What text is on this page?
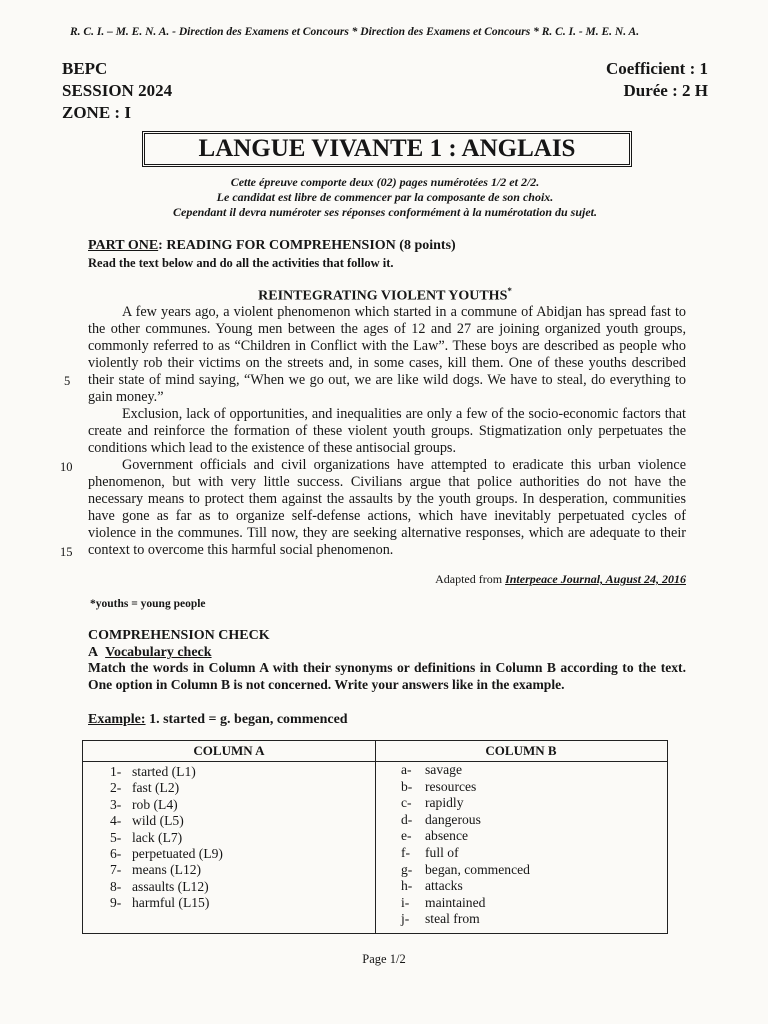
R. C. I. – M. E. N. A. - Direction des Examens et Concours * Direction des Examens et Concours * R. C. I. - M. E. N. A.
BEPC
SESSION 2024
ZONE : I
Coefficient : 1
Durée : 2 H
LANGUE VIVANTE 1 : ANGLAIS
Cette épreuve comporte deux (02) pages numérotées 1/2 et 2/2.
Le candidat est libre de commencer par la composante de son choix.
Cependant il devra numéroter ses réponses conformément à la numérotation du sujet.
PART ONE: READING FOR COMPREHENSION (8 points)
Read the text below and do all the activities that follow it.
REINTEGRATING VIOLENT YOUTHS*

A few years ago, a violent phenomenon which started in a commune of Abidjan has spread fast to the other communes. Young men between the ages of 12 and 27 are joining organized youth groups, commonly referred to as “Children in Conflict with the Law”. These boys are described as people who violently rob their victims on the streets and, in some cases, kill them. One of these youths described their state of mind saying, “When we go out, we are like wild dogs. We have to steal, do everything to gain money.”

Exclusion, lack of opportunities, and inequalities are only a few of the socio-economic factors that create and reinforce the formation of these violent youth groups. Stigmatization only perpetuates the conditions which lead to the existence of these antisocial groups.

Government officials and civil organizations have attempted to eradicate this urban violence phenomenon, but with very little success. Civilians argue that police authorities do not have the necessary means to protect them against the assaults by the youth groups. In desperation, communities have gone as far as to organize self-defense actions, which have inevitably perpetuated cycles of violence in the communes. Till now, they are seeking alternative responses, which are adequate to their context to overcome this harmful social phenomenon.

5
10
15
Adapted from Interpeace Journal, August 24, 2016
*youths = young people
COMPREHENSION CHECK
A Vocabulary check
Match the words in Column A with their synonyms or definitions in Column B according to the text. One option in Column B is not concerned. Write your answers like in the example.
Example: 1. started = g. began, commenced
COLUMN A	COLUMN B
1- started (L1)
2- fast (L2)
3- rob (L4)
4- wild (L5)
5- lack (L7)
6- perpetuated (L9)
7- means (L12)
8- assaults (L12)
9- harmful (L15)
a- savage
b- resources
c- rapidly
d- dangerous
e- absence
f- full of
g- began, commenced
h- attacks
i- maintained
j- steal from
Page 1/2
